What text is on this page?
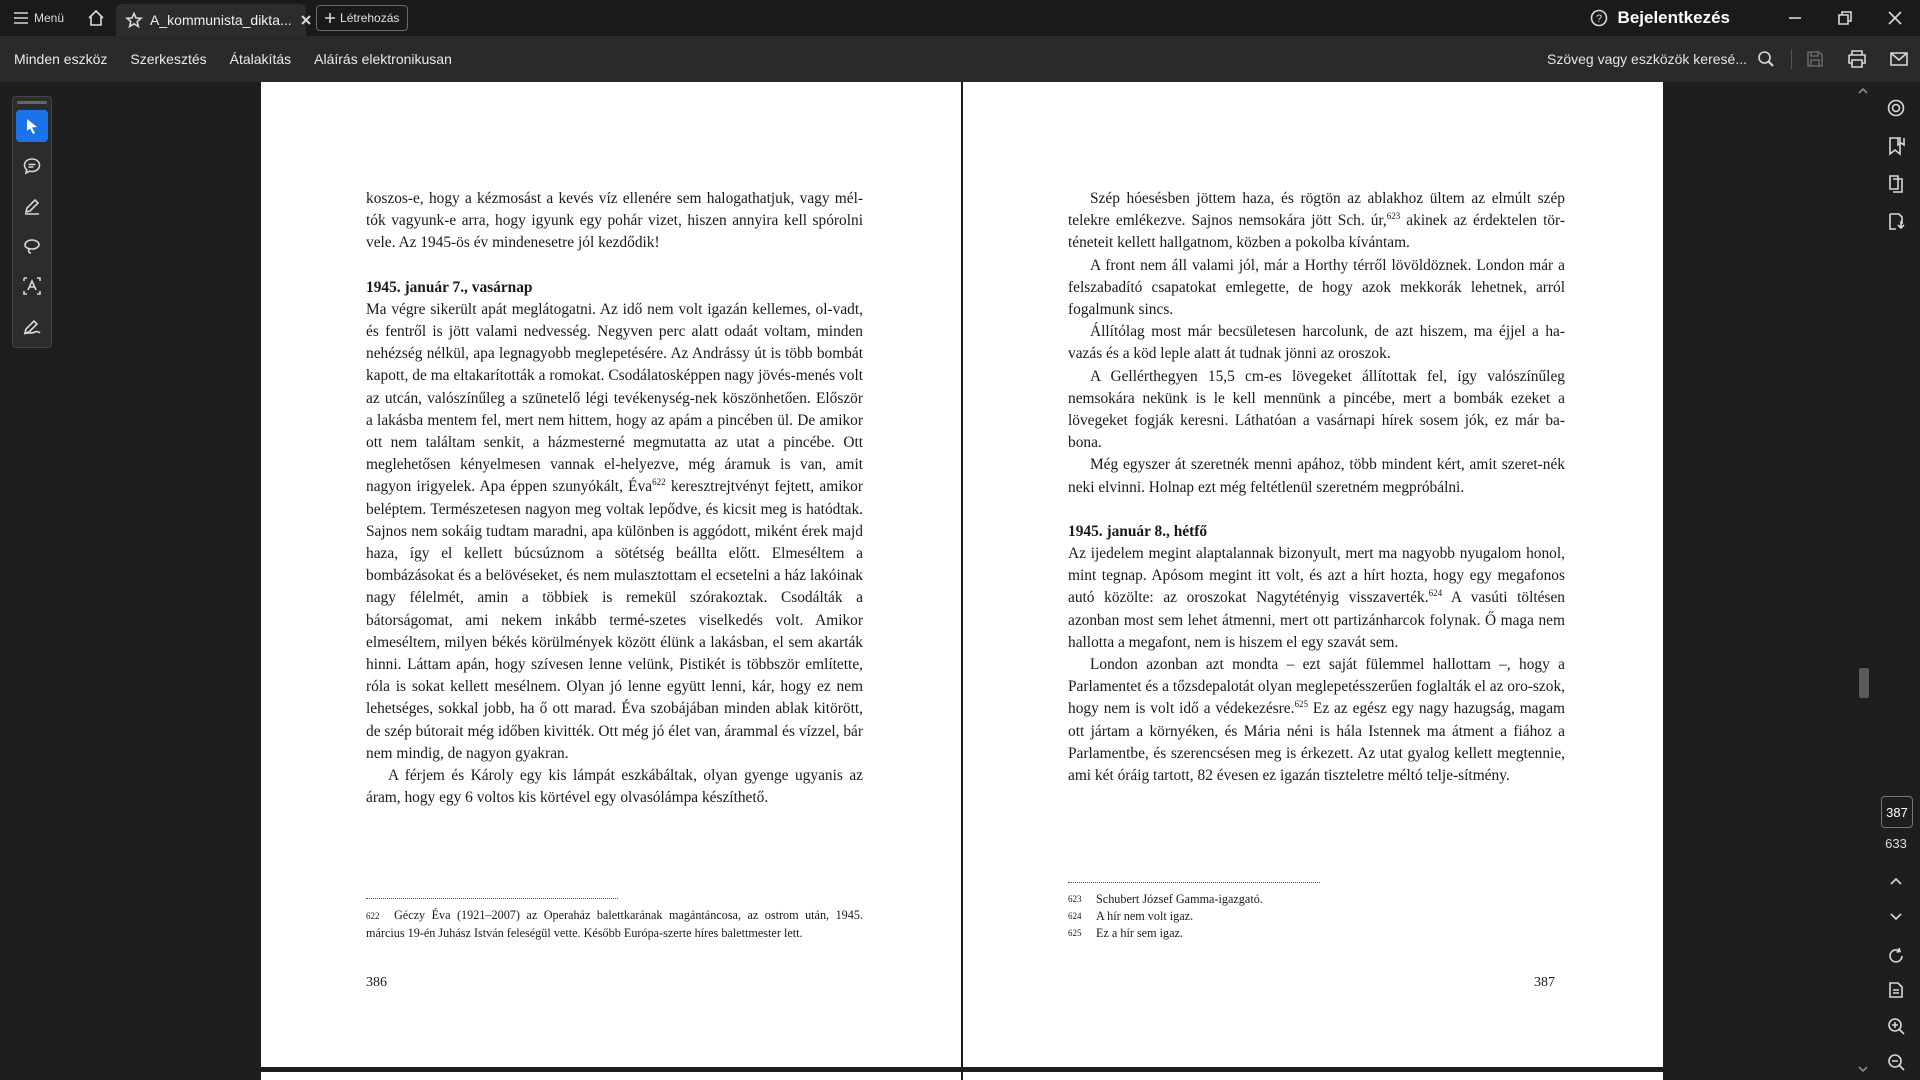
Menü	A_kommunista_dikta...	Létrehozás	? Bejelentkezés
Minden eszköz Szerkesztés Átalakítás Aláírás elektronikusan	Szöveg vagy eszközök keresé...

koszos-e, hogy a kézmosást a kevés víz ellenére sem halogathatjuk, vagy mél-tók vagyunk-e arra, hogy igyunk egy pohár vizet, hiszen annyira kell spórolni vele. Az 1945-ös év mindenesetre jól kezdődik!

1945. január 7., vasárnap

Ma végre sikerült apát meglátogatni. Az idő nem volt igazán kellemes, ol-vadt, és fentről is jött valami nedvesség. Negyven perc alatt odaát voltam, minden nehézség nélkül, apa legnagyobb meglepetésére. Az Andrássy út is több bombát kapott, de ma eltakarították a romokat. Csodálatosképpen nagy jövés-menés volt az utcán, valószínűleg a szünetelő légi tevékenység-nek köszönhetően. Először a lakásba mentem fel, mert nem hittem, hogy az apám a pincében ül. De amikor ott nem találtam senkit, a házmesterné megmutatta az utat a pincébe. Ott meglehetősen kényelmesen vannak el-helyezve, még áramuk is van, amit nagyon irigyelek. Apa éppen szunyókált, Éva$^{622}$ keresztrejtvényt fejtett, amikor beléptem. Természetesen nagyon meg voltak lepődve, és kicsit meg is hatódtak. Sajnos nem sokáig tudtam maradni, apa különben is aggódott, miként érek majd haza, így el kellett búcsúznom a sötétség beállta előtt. Elmeséltem a bombázásokat és a belövéseket, és nem mulasztottam el ecsetelni a ház lakóinak nagy félelmét, amin a többiek is remekül szórakoztak. Csodálták a bátorságomat, ami nekem inkább termé-szetes viselkedés volt. Amikor elmeséltem, milyen békés körülmények között élünk a lakásban, el sem akarták hinni. Láttam apán, hogy szívesen lenne velünk, Pistikét is többször említette, róla is sokat kellett mesélnem. Olyan jó lenne együtt lenni, kár, hogy ez nem lehetséges, sokkal jobb, ha ő ott marad. Éva szobájában minden ablak kitörött, de szép bútorait még időben kivitték. Ott még jó élet van, árammal és vízzel, bár nem mindig, de nagyon gyakran.

A férjem és Károly egy kis lámpát eszkábáltak, olyan gyenge ugyanis az áram, hogy egy 6 voltos kis körtével egy olvasólámpa készíthető.

622 Géczy Éva (1921–2007) az Operaház balettkarának magántáncosa, az ostrom után, 1945. március 19-én Juhász István feleségül vette. Később Európa-szerte híres balettmester lett.
386

Szép hóesésben jöttem haza, és rögtön az ablakhoz ültem az elmúlt szép telekre emlékezve. Sajnos nemsokára jött Sch. úr,$^{623}$ akinek az érdektelen tör-téneteit kellett hallgatnom, közben a pokolba kívántam.

A front nem áll valami jól, már a Horthy térről lövöldöznek. London már a felszabadító csapatokat emlegette, de hogy azok mekkorák lehetnek, arról fogalmunk sincs.

Állítólag most már becsületesen harcolunk, de azt hiszem, ma éjjel a ha-vazás és a köd leple alatt át tudnak jönni az oroszok.

A Gellérthegyen 15,5 cm-es lövegeket állítottak fel, így valószínűleg nemsokára nekünk is le kell mennünk a pincébe, mert a bombák ezeket a lövegeket fogják keresni. Láthatóan a vasárnapi hírek sosem jók, ez már ba-bona.

Még egyszer át szeretnék menni apához, több mindent kért, amit szeret-nék neki elvinni. Holnap ezt még feltétlenül szeretném megpróbálni.

1945. január 8., hétfő

Az ijedelem megint alaptalannak bizonyult, mert ma nagyobb nyugalom honol, mint tegnap. Apósom megint itt volt, és azt a hírt hozta, hogy egy megafonos autó közölte: az oroszokat Nagytétényig visszaverték.$^{624}$ A vasúti töltésen azonban most sem lehet átmenni, mert ott partizánharcok folynak. Ő maga nem hallotta a megafont, nem is hiszem el egy szavát sem.

London azonban azt mondta – ezt saját fülemmel hallottam –, hogy a Parlamentet és a tőzsdepalotát olyan meglepetésszerűen foglalták el az oro-szok, hogy nem is volt idő a védekezésre.$^{625}$ Ez az egész egy nagy hazugság, magam ott jártam a környéken, és Mária néni is hála Istennek ma átment a fiához a Parlamentbe, és szerencsésen meg is érkezett. Az utat gyalog kellett megtennie, ami két óráig tartott, 82 évesen ez igazán tiszteletre méltó telje-sítmény.

623	Schubert József Gamma-igazgató.
624	A hír nem volt igaz.
625	Ez a hír sem igaz.
387
387
633
